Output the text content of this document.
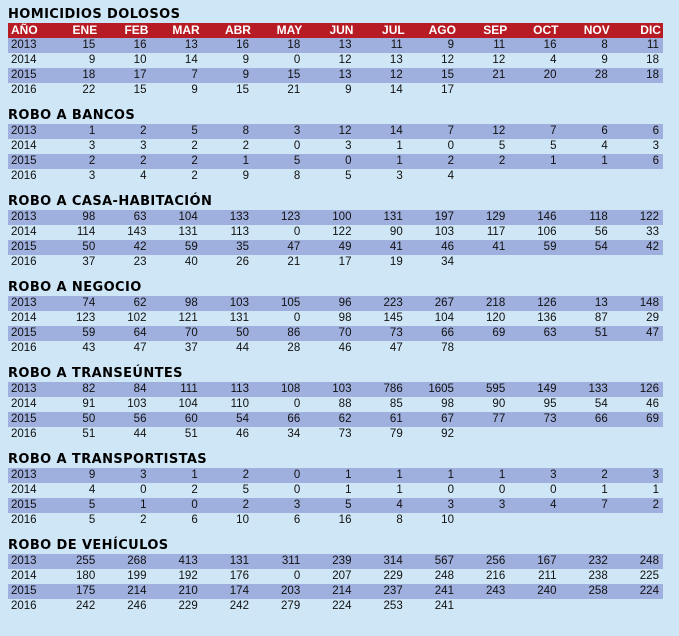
HOMICIDIOS DOLOSOS
AÑO	ENE	FEB	MAR	ABR	MAY	JUN	JUL	AGO	SEP	OCT	NOV	DIC
2013	15	16	13	16	18	13	11	9	11	16	8	11
2014	9	10	14	9	0	12	13	12	12	4	9	18
2015	18	17	7	9	15	13	12	15	21	20	28	18
2016	22	15	9	15	21	9	14	17
ROBO A BANCOS
2013	1	2	5	8	3	12	14	7	12	7	6	6
2014	3	3	2	2	0	3	1	0	5	5	4	3
2015	2	2	2	1	5	0	1	2	2	1	1	6
2016	3	4	2	9	8	5	3	4
ROBO A CASA-HABITACIÓN
2013	98	63	104	133	123	100	131	197	129	146	118	122
2014	114	143	131	113	0	122	90	103	117	106	56	33
2015	50	42	59	35	47	49	41	46	41	59	54	42
2016	37	23	40	26	21	17	19	34
ROBO A NEGOCIO
2013	74	62	98	103	105	96	223	267	218	126	13	148
2014	123	102	121	131	0	98	145	104	120	136	87	29
2015	59	64	70	50	86	70	73	66	69	63	51	47
2016	43	47	37	44	28	46	47	78
ROBO A TRANSEÚNTES
2013	82	84	111	113	108	103	786	1605	595	149	133	126
2014	91	103	104	110	0	88	85	98	90	95	54	46
2015	50	56	60	54	66	62	61	67	77	73	66	69
2016	51	44	51	46	34	73	79	92
ROBO A TRANSPORTISTAS
2013	9	3	1	2	0	1	1	1	1	3	2	3
2014	4	0	2	5	0	1	1	0	0	0	1	1
2015	5	1	0	2	3	5	4	3	3	4	7	2
2016	5	2	6	10	6	16	8	10
ROBO DE VEHÍCULOS
2013	255	268	413	131	311	239	314	567	256	167	232	248
2014	180	199	192	176	0	207	229	248	216	211	238	225
2015	175	214	210	174	203	214	237	241	243	240	258	224
2016	242	246	229	242	279	224	253	241
